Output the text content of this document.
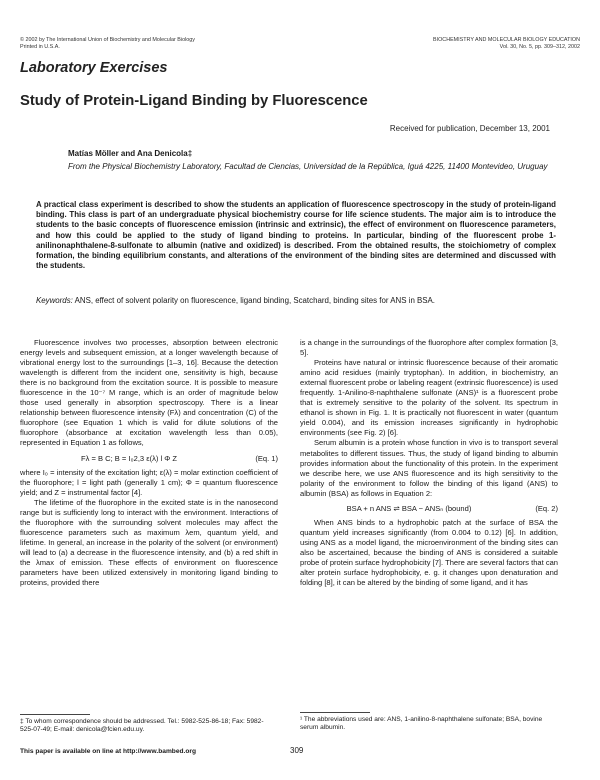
© 2002 by The International Union of Biochemistry and Molecular Biology
Printed in U.S.A.
BIOCHEMISTRY AND MOLECULAR BIOLOGY EDUCATION
Vol. 30, No. 5, pp. 309–312, 2002
Laboratory Exercises
Study of Protein-Ligand Binding by Fluorescence
Received for publication, December 13, 2001
Matías Möller and Ana Denicola‡
From the Physical Biochemistry Laboratory, Facultad de Ciencias, Universidad de la República, Iguá 4225, 11400 Montevideo, Uruguay
A practical class experiment is described to show the students an application of fluorescence spectroscopy in the study of protein-ligand binding. This class is part of an undergraduate physical biochemistry course for life science students. The major aim is to introduce the students to the basic concepts of fluorescence emission (intrinsic and extrinsic), the effect of environment on fluorescence parameters, and how this could be applied to the study of ligand binding to proteins. In particular, binding of the fluorescent probe 1-anilinonaphthalene-8-sulfonate to albumin (native and oxidized) is described. From the obtained results, the stoichiometry of complex formation, the binding equilibrium constants, and alterations of the environment of the binding sites are determined and discussed with the students.
Keywords: ANS, effect of solvent polarity on fluorescence, ligand binding, Scatchard, binding sites for ANS in BSA.

Fluorescence involves two processes, absorption between electronic energy levels and subsequent emission, at a longer wavelength because of vibrational energy lost to the surroundings [1–3, 16]. Because the detection wavelength is different from the incident one, sensitivity is high, because there is no background from the excitation source. It is possible to measure fluorescence in the 10⁻⁷ M range, which is an order of magnitude below those used generally in absorption spectroscopy. There is a linear relationship between fluorescence intensity (Fλ) and concentration (C) of the fluorophore (see Equation 1 which is valid for dilute solutions of the fluorophore (absorbance at excitation wavelength less than 0.05), represented in Equation 1 as follows,

Fλ = B C; B = I₀2,3 ε(λ) l Φ Z	(Eq. 1)

where I₀ = intensity of the excitation light; ε(λ) = molar extinction coefficient of the fluorophore; l = light path (generally 1 cm); Φ = quantum fluorescence yield; and Z = instrumental factor [4].

The lifetime of the fluorophore in the excited state is in the nanosecond range but is sufficiently long to interact with the environment. Interactions of the fluorophore with the surrounding solvent molecules may affect the fluorescence parameters such as maximum λem, quantum yield, and lifetime. In general, an increase in the polarity of the solvent (or environment) will lead to (a) a decrease in the fluorescence intensity, and (b) a red shift in the λmax of emission. These effects of environment on fluorescence parameters have been utilized extensively in monitoring ligand binding to proteins, provided there

is a change in the surroundings of the fluorophore after complex formation [3, 5].

Proteins have natural or intrinsic fluorescence because of their aromatic amino acid residues (mainly tryptophan). In addition, in biochemistry, an external fluorescent probe or labeling reagent (extrinsic fluorescence) is used frequently. 1-Anilino-8-naphthalene sulfonate (ANS)¹ is a fluorescent probe that is extremely sensitive to the polarity of the solvent. Its spectrum in ethanol is shown in Fig. 1. It is practically not fluorescent in water (quantum yield 0.004), and its emission increases significantly in hydrophobic environments (see Fig. 2) [6].

Serum albumin is a protein whose function in vivo is to transport several metabolites to different tissues. Thus, the study of ligand binding to albumin provides information about the functionality of this protein. In the experiment we describe here, we use ANS fluorescence and its high sensitivity to the polarity of the environment to follow the binding of this ligand (ANS) to albumin (BSA) as follows in Equation 2:

BSA + n ANS ⇌ BSA − ANSₙ (bound)	(Eq. 2)

When ANS binds to a hydrophobic patch at the surface of BSA the quantum yield increases significantly (from 0.004 to 0.12) [6]. In addition, using ANS as a model ligand, the microenvironment of the binding sites can also be ascertained, because the binding of ANS is considered a suitable probe of protein surface hydrophobicity [7]. There are several factors that can alter protein surface hydrophobicity, e. g. it changes upon denaturation and folding [8], it can be altered by the binding of some ligand, and it has

‡ To whom correspondence should be addressed. Tel.: 5982-525-86-18; Fax: 5982-525-07-49; E-mail: denicola@fcien.edu.uy.
¹ The abbreviations used are: ANS, 1-anilino-8-naphthalene sulfonate; BSA, bovine serum albumin.
This paper is available on line at http://www.bambed.org	309
